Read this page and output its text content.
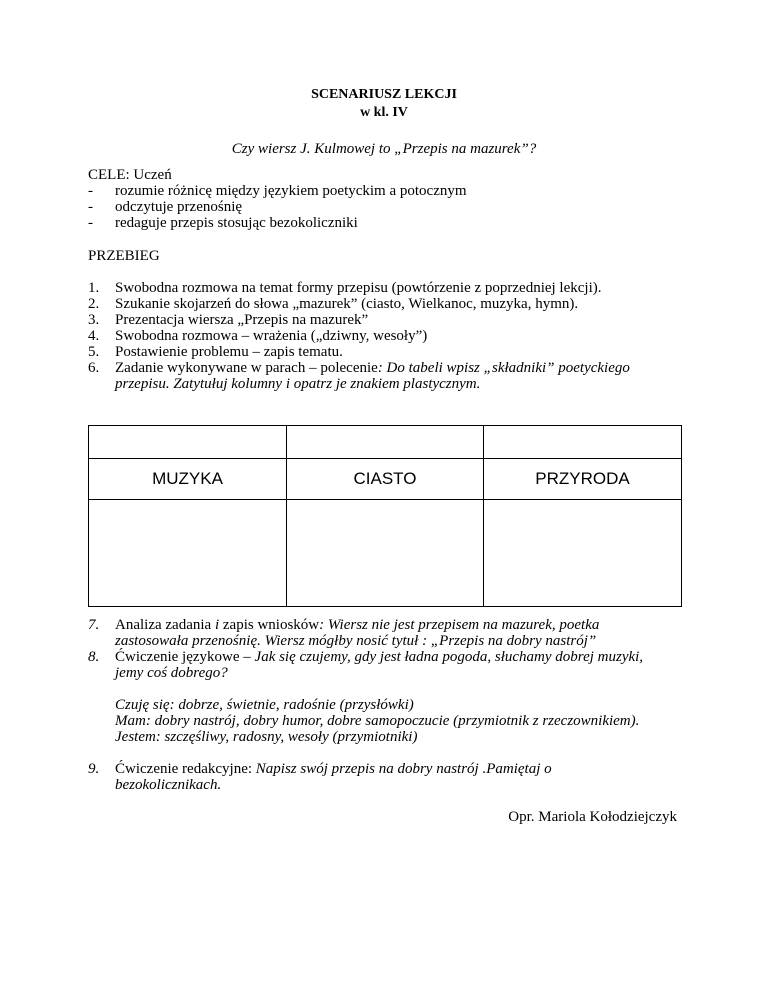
SCENARIUSZ LEKCJI
w kl. IV
Czy wiersz J. Kulmowej to „Przepis na mazurek”?
CELE: Uczeń
- rozumie różnicę między językiem poetyckim a potocznym
- odczytuje przenośnię
- redaguje przepis stosując bezokoliczniki
PRZEBIEG
1. Swobodna rozmowa na temat formy przepisu (powtórzenie z poprzedniej lekcji).
2. Szukanie skojarzeń do słowa „mazurek” (ciasto, Wielkanoc, muzyka, hymn).
3. Prezentacja wiersza „Przepis na mazurek”
4. Swobodna rozmowa – wrażenia („dziwny, wesoły”)
5. Postawienie problemu – zapis tematu.
6. Zadanie wykonywane w parach – polecenie: Do tabeli wpisz „składniki” poetyckiego
przepisu. Zatytułuj kolumny i opatrz je znakiem plastycznym.

MUZYKA	CIASTO	PRZYRODA

7. Analiza zadania i zapis wniosków: Wiersz nie jest przepisem na mazurek, poetka
zastosowała przenośnię. Wiersz mógłby nosić tytuł : „Przepis na dobry nastrój”
8. Ćwiczenie językowe – Jak się czujemy, gdy jest ładna pogoda, słuchamy dobrej muzyki,
jemy coś dobrego?
Czuję się: dobrze, świetnie, radośnie (przysłówki)
Mam: dobry nastrój, dobry humor, dobre samopoczucie (przymiotnik z rzeczownikiem).
Jestem: szczęśliwy, radosny, wesoły (przymiotniki)
9. Ćwiczenie redakcyjne: Napisz swój przepis na dobry nastrój .Pamiętaj o
bezokolicznikach.
Opr. Mariola Kołodziejczyk
